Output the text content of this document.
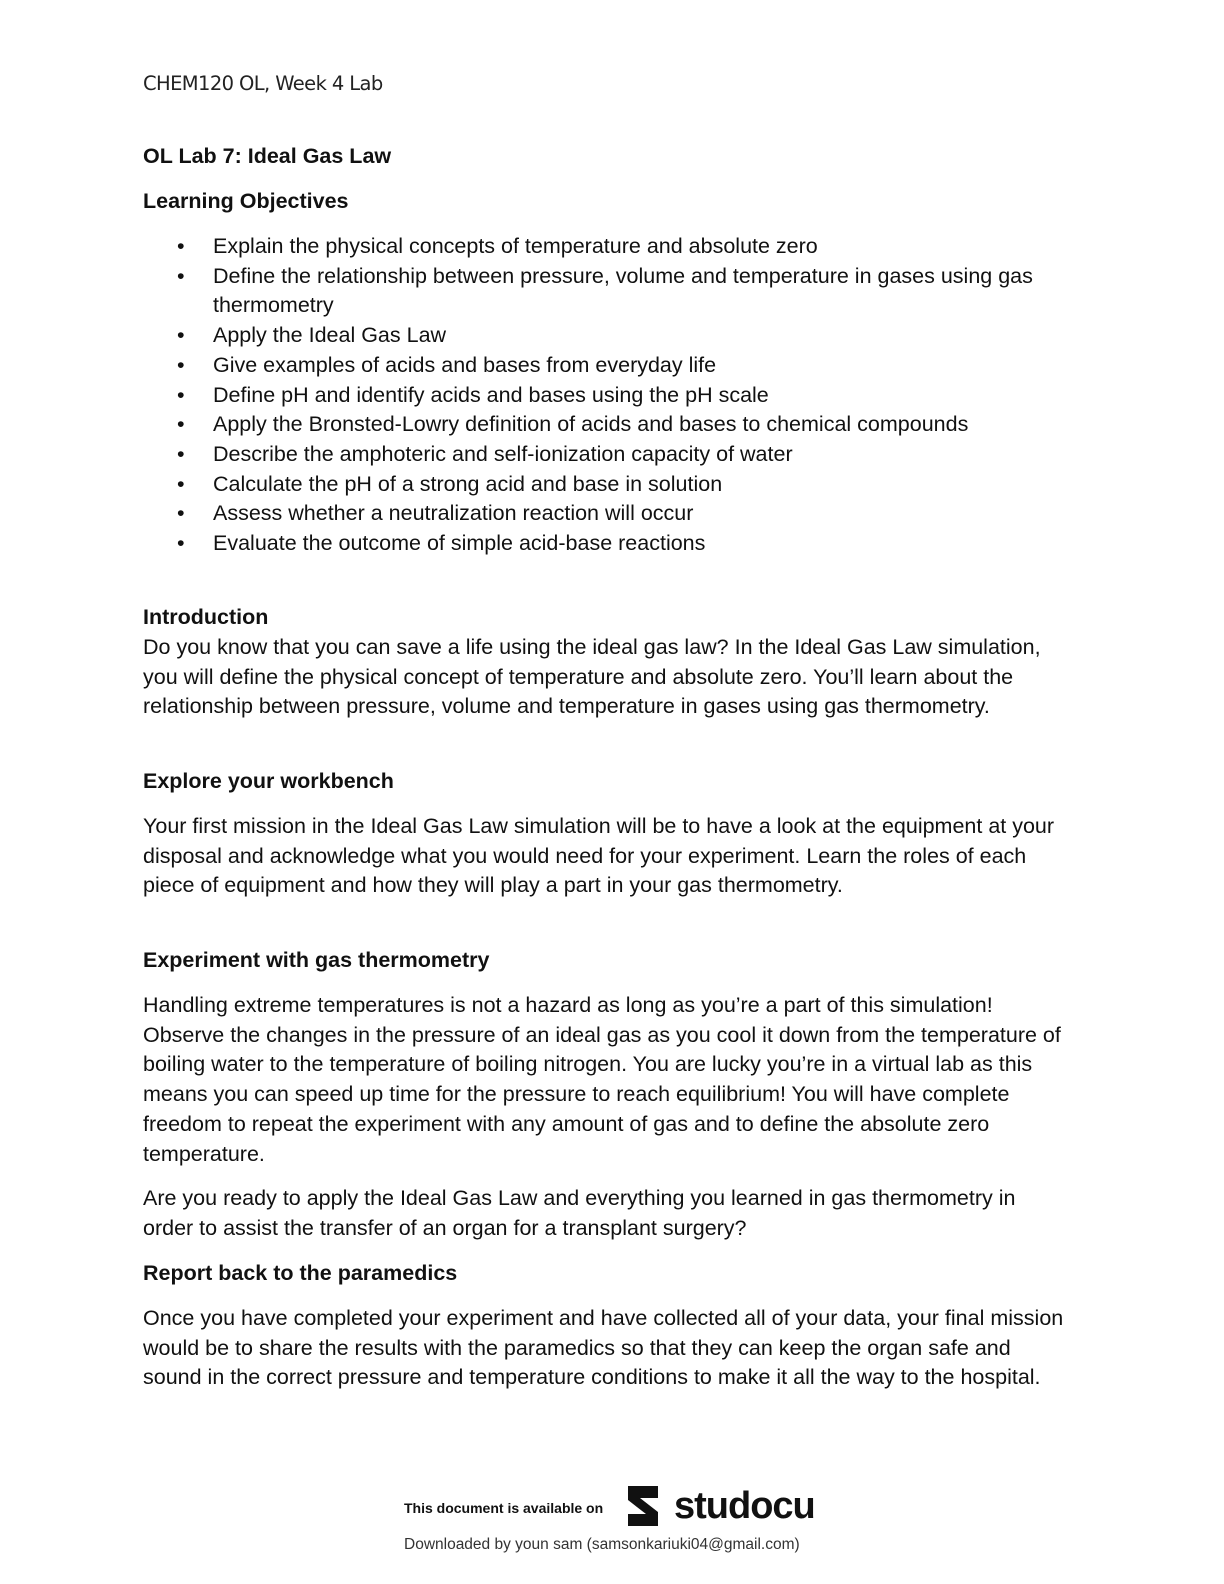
CHEM120 OL, Week 4 Lab
OL Lab 7: Ideal Gas Law
Learning Objectives
• Explain the physical concepts of temperature and absolute zero
• Define the relationship between pressure, volume and temperature in gases using gas thermometry
• Apply the Ideal Gas Law
• Give examples of acids and bases from everyday life
• Define pH and identify acids and bases using the pH scale
• Apply the Bronsted-Lowry definition of acids and bases to chemical compounds
• Describe the amphoteric and self-ionization capacity of water
• Calculate the pH of a strong acid and base in solution
• Assess whether a neutralization reaction will occur
• Evaluate the outcome of simple acid-base reactions
Introduction

Do you know that you can save a life using the ideal gas law? In the Ideal Gas Law simulation, you will define the physical concept of temperature and absolute zero. You’ll learn about the relationship between pressure, volume and temperature in gases using gas thermometry.

Explore your workbench

Your first mission in the Ideal Gas Law simulation will be to have a look at the equipment at your disposal and acknowledge what you would need for your experiment. Learn the roles of each piece of equipment and how they will play a part in your gas thermometry.

Experiment with gas thermometry

Handling extreme temperatures is not a hazard as long as you’re a part of this simulation! Observe the changes in the pressure of an ideal gas as you cool it down from the temperature of boiling water to the temperature of boiling nitrogen. You are lucky you’re in a virtual lab as this means you can speed up time for the pressure to reach equilibrium! You will have complete freedom to repeat the experiment with any amount of gas and to define the absolute zero temperature.

Are you ready to apply the Ideal Gas Law and everything you learned in gas thermometry in order to assist the transfer of an organ for a transplant surgery?

Report back to the paramedics

Once you have completed your experiment and have collected all of your data, your final mission would be to share the results with the paramedics so that they can keep the organ safe and sound in the correct pressure and temperature conditions to make it all the way to the hospital.

This document is available on studocu
Downloaded by youn sam (samsonkariuki04@gmail.com)
